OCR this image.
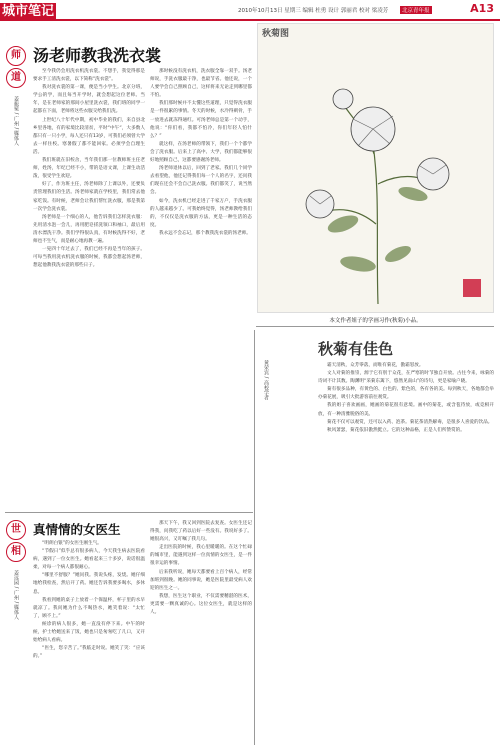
城市笔记	2010年10月13日 星期三 编辑 杜勇 设计 郭丽君 校对 梁凌芳	北京青年报	A13
师
道
姜振冕 / 广州 / 媒体人
汤老师教我洗衣裳

至今我仍会用洗衣机洗衣裳。不想手，我觉得那是要求手工清洗衣裳，以下简称“洗衣裳”。

我对洗衣裳的第一课，便是当小学生。北京分班，学公的学，而且每当开学时，就会想起这位老师。当年，是在老师家的那间小屋里洗衣裳，我们班的同学一起都在下面，老师将这些衣服交给我们洗。

上世纪八十年代中期，初中毕业的我们，来自县北乡里各地，有的家境比较清贫，平时“中午“，大多数人都只有一只小学，每人还只有13岁，可我们必须曾大学去一样住校。寒暑假了都不能回家。必须学会自理生活。

我们班就在旧校舍，当年我们那一位教师班主任老师，姓汤，年纪已经不小，带的是语文课，上课生动活泼，很受学生欢迎。

好了，作为班主任，汤老师除了上课以外，还要负责管理我们的生活。汤老师家就在学校里，我们常去他家吃饭。有时候，老师会让我们帮忙洗衣服，那是我第一次学会洗衣裳。

汤老师是一个细心的人，他告诉我们怎样洗衣服：先用清水泡一会儿，再用肥皂搓洗领口和袖口，最后用清水漂洗干净。我们学得很认真，有时候洗得不好，老师也不生气，而是耐心地再教一遍。

一晃四十年过去了，我们已经不再是当年的孩子。可每当我用洗衣机洗衣服的时候，我都会想起汤老师，想起他教我洗衣裳的那些日子。

那时候没有洗衣机，洗衣服全靠一双手。汤老师说，手洗衣服最干净，也最节省。他还说，一个人要学会自己照顾自己，这样将来无论走到哪里都不怕。

我们那时候并不太懂这些道理，只觉得洗衣服是一件很累的事情。冬天的时候，水冷得刺骨，手一放进去就冻得通红。可汤老师总是第一个动手，他说：“你们看，我都不怕冷，你们年轻人怕什么？”

就这样，在汤老师的带领下，我们一个个都学会了洗衣服。后来上了高中、大学，我们都能够很好地照顾自己，这都要感谢汤老师。

汤老师退休以后，回到了老家。我们几个同学去看望他，他还记得我们每一个人的名字，还问我们现在还会不会自己洗衣服。我们都笑了，说当然会。

如今，洗衣机已经走进了千家万户，手洗衣服的人越来越少了。可我始终觉得，汤老师教给我们的，不仅仅是洗衣服的方法，更是一种生活的态度。

我永远不会忘记，那个教我洗衣裳的汤老师。

秋菊图
本文作者姐子的学画习作(秋菊)小品。
秋菊有佳色
黄荣宾 / 高校学者	霜天清秋，众芳零落，而唯有菊花，傲霜怒放。

文人对菊的推崇，源于它有别于众花，在严寒的时节独自开放。古往今来，咏菊的诗词不计其数。陶渊明“采菊东篱下，悠然见南山”的诗句，更是家喻户晓。

菊有很多品种，有黄色的、白色的、紫色的，各有各的美。每到秋天，各地都会举办菊花展，吸引大批游客前往观赏。

我的姐子喜欢画画，她画的菊花很有意境。画中的菊花，或含苞待放，或竞相开放，有一种清雅脱俗的美。

菊花不仅可以观赏，还可以入药、泡茶。菊花茶清热解毒，是很多人喜爱的饮品。

秋风萧瑟，菊花依旧傲然挺立。它的这种品格，正是人们所赞赏的。

世
相
姜远园 / 广州 / 媒体人
真情情的女医生

“明朗白银”的女医生刚生气。

“节假日”似乎总有很多病人，今天我生病去医院看病，遇到了一位女医生。她看起来三十多岁，说话很温柔，对每一个病人都很耐心。

“哪里不舒服？”她问我。我说头疼，发烧。她仔细地给我检查，然后开了药。她还告诉我要多喝水，多休息。

我看到她的桌子上放着一个保温杯，杯子里的水早就凉了。我问她为什么不喝热水，她笑着说：“太忙了，顾不上。”

候诊的病人很多，她一直没有停下来。中午的时候，护士给她送来了饭，她也只是匆匆吃了几口，又开始给病人看病。

“医生，您辛苦了。”我临走时说。她笑了笑：“应该的。”

那天下午，我又回到医院去复查。女医生还记得我，问我吃了药以后好一些没有。我说好多了。她很高兴，又叮嘱了我几句。

走出医院的时候，我心里暖暖的。在这个忙碌的城市里，能遇到这样一位真情的女医生，是一件很幸运的事情。

后来我听说，她每天都要看上百个病人，经常加班到很晚。她的同事说，她是医院里最受病人欢迎的医生之一。

我想，医生这个职业，不仅需要精湛的医术，更需要一颗真诚的心。这位女医生，就是这样的人。
